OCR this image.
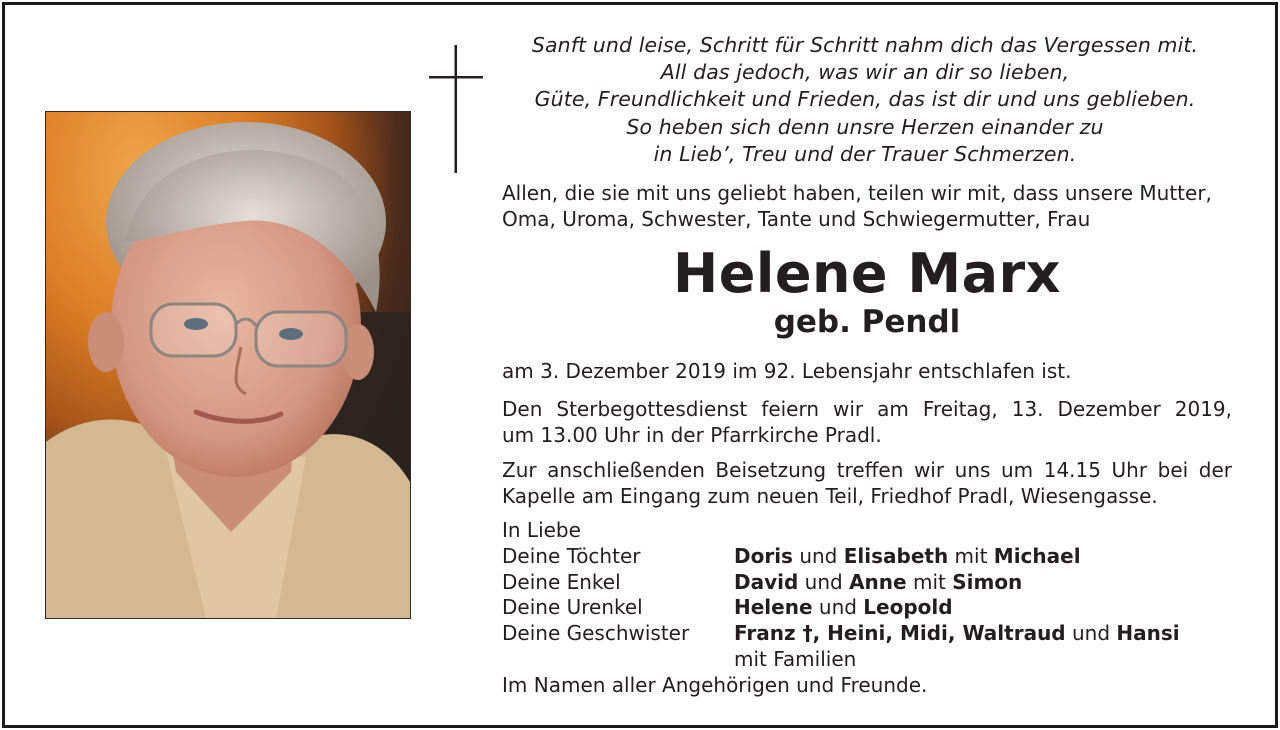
Sanft und leise, Schritt für Schritt nahm dich das Vergessen mit.
All das jedoch, was wir an dir so lieben,
Güte, Freundlichkeit und Frieden, das ist dir und uns geblieben.
So heben sich denn unsre Herzen einander zu
in Lieb’, Treu und der Trauer Schmerzen.
Allen, die sie mit uns geliebt haben, teilen wir mit, dass unsere Mutter,
Oma, Uroma, Schwester, Tante und Schwiegermutter, Frau
Helene Marx
geb. Pendl
am 3. Dezember 2019 im 92. Lebensjahr entschlafen ist.
Den Sterbegottesdienst feiern wir am Freitag, 13. Dezember 2019,
um 13.00 Uhr in der Pfarrkirche Pradl.
Zur anschließenden Beisetzung treffen wir uns um 14.15 Uhr bei der
Kapelle am Eingang zum neuen Teil, Friedhof Pradl, Wiesengasse.
In Liebe
Deine Töchter	Doris und Elisabeth mit Michael
Deine Enkel	David und Anne mit Simon
Deine Urenkel	Helene und Leopold
Deine Geschwister	Franz †, Heini, Midi, Waltraud und Hansi
mit Familien
Im Namen aller Angehörigen und Freunde.
